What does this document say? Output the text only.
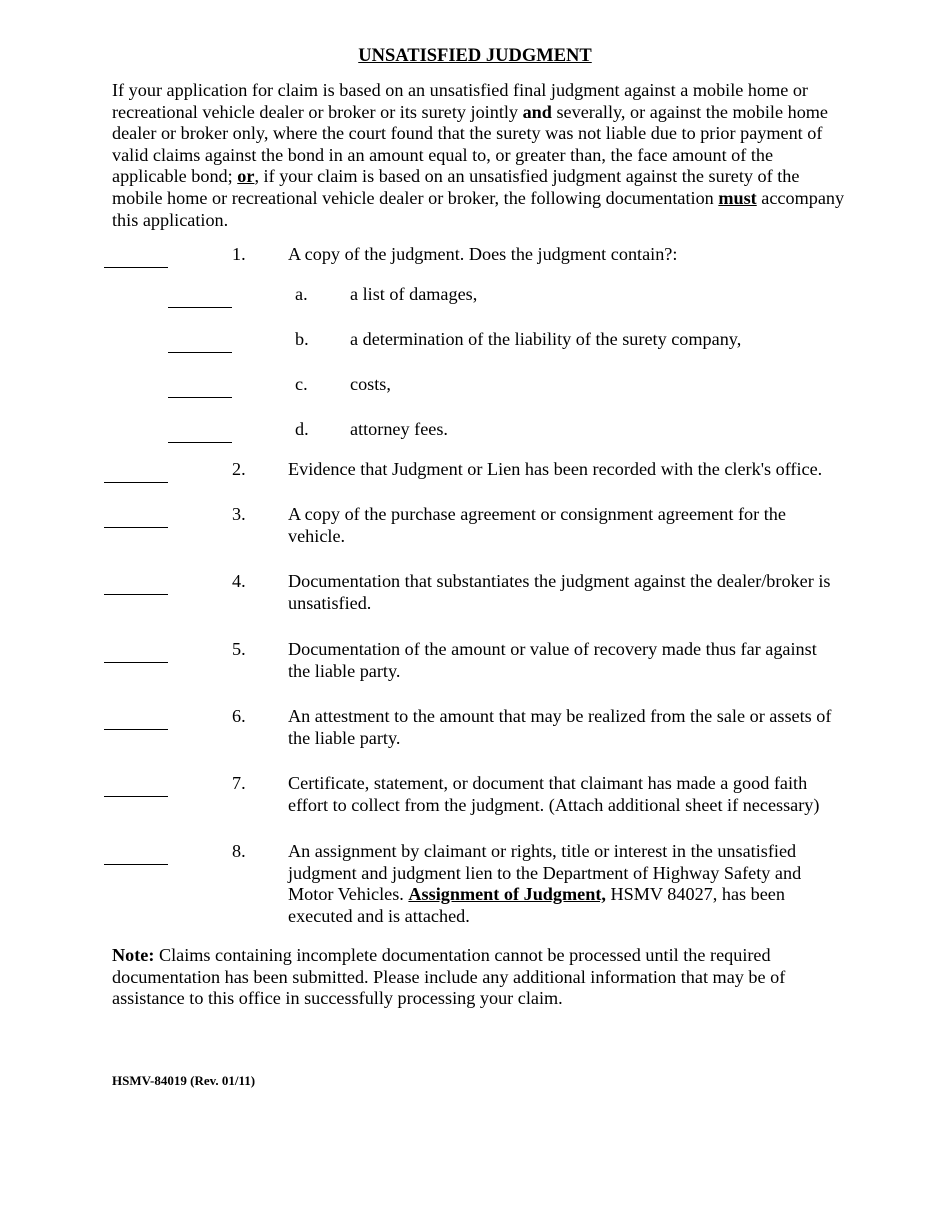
UNSATISFIED JUDGMENT
If your application for claim is based on an unsatisfied final judgment against a mobile home or recreational vehicle dealer or broker or its surety jointly and severally, or against the mobile home dealer or broker only, where the court found that the surety was not liable due to prior payment of valid claims against the bond in an amount equal to, or greater than, the face amount of the applicable bond; or, if your claim is based on an unsatisfied judgment against the surety of the mobile home or recreational vehicle dealer or broker, the following documentation must accompany this application.
1. A copy of the judgment. Does the judgment contain?:
a. a list of damages,
b. a determination of the liability of the surety company,
c. costs,
d. attorney fees.
2. Evidence that Judgment or Lien has been recorded with the clerk's office.
3. A copy of the purchase agreement or consignment agreement for the vehicle.
4. Documentation that substantiates the judgment against the dealer/broker is unsatisfied.
5. Documentation of the amount or value of recovery made thus far against the liable party.
6. An attestment to the amount that may be realized from the sale or assets of the liable party.
7. Certificate, statement, or document that claimant has made a good faith effort to collect from the judgment. (Attach additional sheet if necessary)
8. An assignment by claimant or rights, title or interest in the unsatisfied judgment and judgment lien to the Department of Highway Safety and Motor Vehicles. Assignment of Judgment, HSMV 84027, has been executed and is attached.
Note: Claims containing incomplete documentation cannot be processed until the required documentation has been submitted. Please include any additional information that may be of assistance to this office in successfully processing your claim.
HSMV-84019 (Rev. 01/11)
